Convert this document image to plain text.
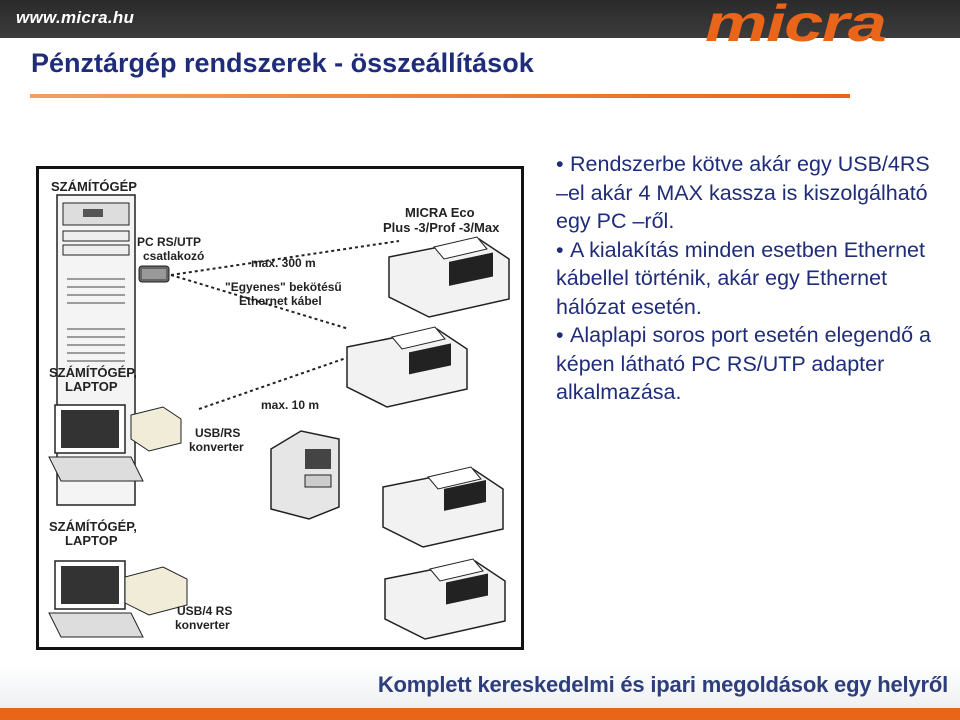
www.micra.hu	micra
Pénztárgép rendszerek - összeállítások
SZÁMÍTÓGÉP
PC RS/UTP
csatlakozó	max. 300 m
"Egyenes" bekötésű
Ethernet kábel
MICRA Eco
Plus -3/Prof -3/Max
SZÁMÍTÓGÉP,
LAPTOP
max. 10 m
USB/RS
konverter
SZÁMÍTÓGÉP,
LAPTOP
USB/4 RS
konverter

• Rendszerbe kötve akár egy USB/4RS –el akár 4 MAX kassza is kiszolgálható egy PC –ről.

• A kialakítás minden esetben Ethernet kábellel történik, akár egy Ethernet hálózat esetén.

• Alaplapi soros port esetén elegendő a képen látható PC RS/UTP adapter alkalmazása.

Komplett kereskedelmi és ipari megoldások egy helyről
